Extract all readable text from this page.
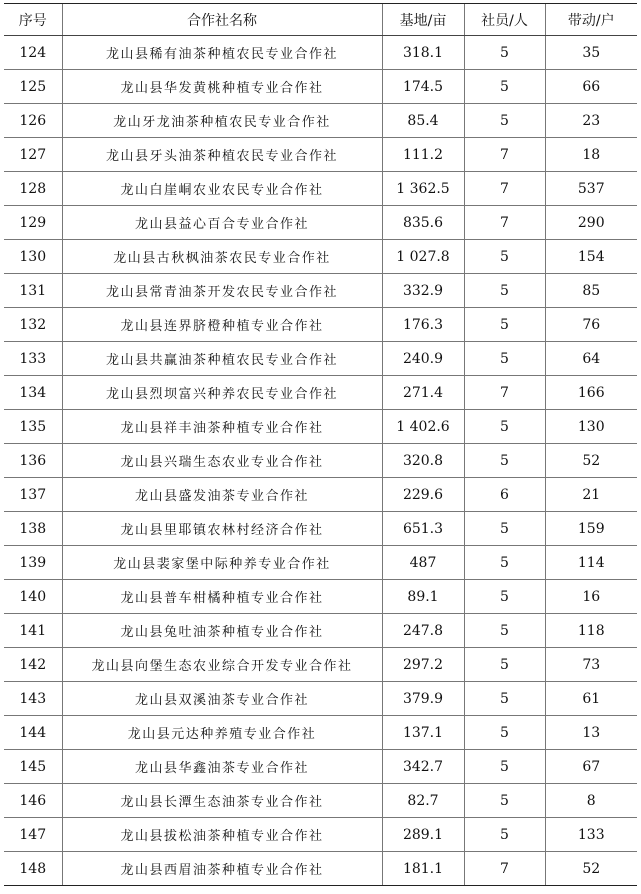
序号	合作社名称	基地/亩	社员/人	带动/户
124	龙山县稀有油茶种植农民专业合作社	318.1	5	35
125	龙山县华发黄桃种植专业合作社	174.5	5	66
126	龙山牙龙油茶种植农民专业合作社	85.4	5	23
127	龙山县牙头油茶种植农民专业合作社	111.2	7	18
128	龙山白崖峒农业农民专业合作社	1 362.5	7	537
129	龙山县益心百合专业合作社	835.6	7	290
130	龙山县古秋枫油茶农民专业合作社	1 027.8	5	154
131	龙山县常青油茶开发农民专业合作社	332.9	5	85
132	龙山县连界脐橙种植专业合作社	176.3	5	76
133	龙山县共赢油茶种植农民专业合作社	240.9	5	64
134	龙山县烈坝富兴种养农民专业合作社	271.4	7	166
135	龙山县祥丰油茶种植专业合作社	1 402.6	5	130
136	龙山县兴瑞生态农业专业合作社	320.8	5	52
137	龙山县盛发油茶专业合作社	229.6	6	21
138	龙山县里耶镇农林村经济合作社	651.3	5	159
139	龙山县裴家堡中际种养专业合作社	487	5	114
140	龙山县普车柑橘种植专业合作社	89.1	5	16
141	龙山县兔吐油茶种植专业合作社	247.8	5	118
142	龙山县向堡生态农业综合开发专业合作社	297.2	5	73
143	龙山县双溪油茶专业合作社	379.9	5	61
144	龙山县元达种养殖专业合作社	137.1	5	13
145	龙山县华鑫油茶专业合作社	342.7	5	67
146	龙山县长潭生态油茶专业合作社	82.7	5	8
147	龙山县拔松油茶种植专业合作社	289.1	5	133
148	龙山县西眉油茶种植专业合作社	181.1	7	52
